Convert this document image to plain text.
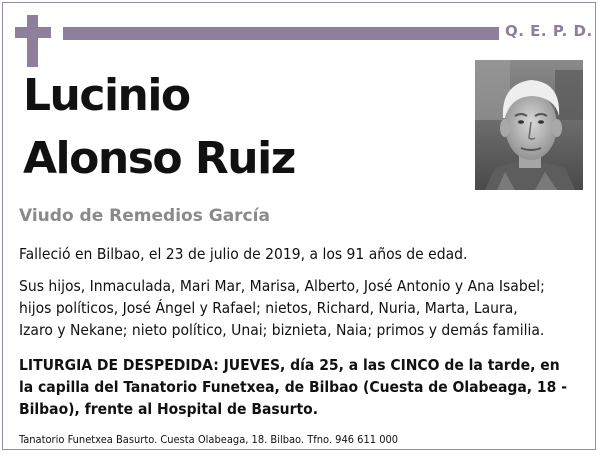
Q. E. P. D.
Lucinio
Alonso Ruiz
Viudo de Remedios García
Falleció en Bilbao, el 23 de julio de 2019, a los 91 años de edad.
Sus hijos, Inmaculada, Mari Mar, Marisa, Alberto, José Antonio y Ana Isabel;
hijos políticos, José Ángel y Rafael; nietos, Richard, Nuria, Marta, Laura,
Izaro y Nekane; nieto político, Unai; biznieta, Naia; primos y demás familia.
LITURGIA DE DESPEDIDA: JUEVES, día 25, a las CINCO de la tarde, en
la capilla del Tanatorio Funetxea, de Bilbao (Cuesta de Olabeaga, 18 -
Bilbao), frente al Hospital de Basurto.
Tanatorio Funetxea Basurto. Cuesta Olabeaga, 18. Bilbao. Tfno. 946 611 000
